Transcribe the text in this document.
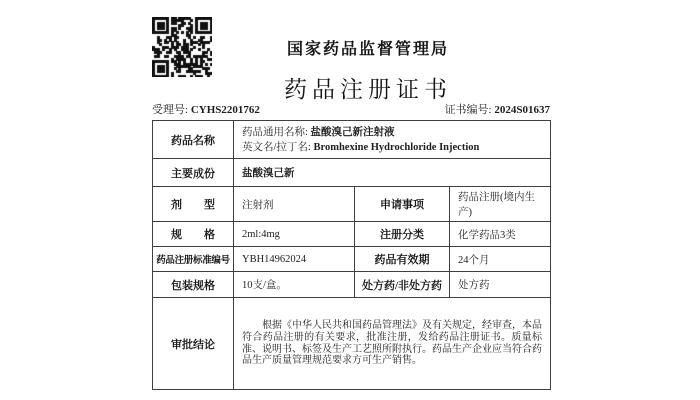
国家药品监督管理局
药品注册证书
受理号: CYHS2201762	证书编号: 2024S01637
药品名称	药品通用名称: 盐酸溴己新注射液
英文名/拉丁名: Bromhexine Hydrochloride Injection		

主要成份	盐酸溴己新		
剂　　型	注射剂	申请事项	药品注册(境内生产)
规　　格	2ml:4mg	注册分类	化学药品3类
药品注册标准编号	YBH14962024	药品有效期	24个月
包装规格	10支/盒。	处方药/非处方药	处方药
审批结论	根据《中华人民共和国药品管理法》及有关规定，经审查，本品符合药品注册的有关要求，批准注册，发给药品注册证书。质量标准、说明书、标签及生产工艺照所附执行。药品生产企业应当符合药品生产质量管理规范要求方可生产销售。		
